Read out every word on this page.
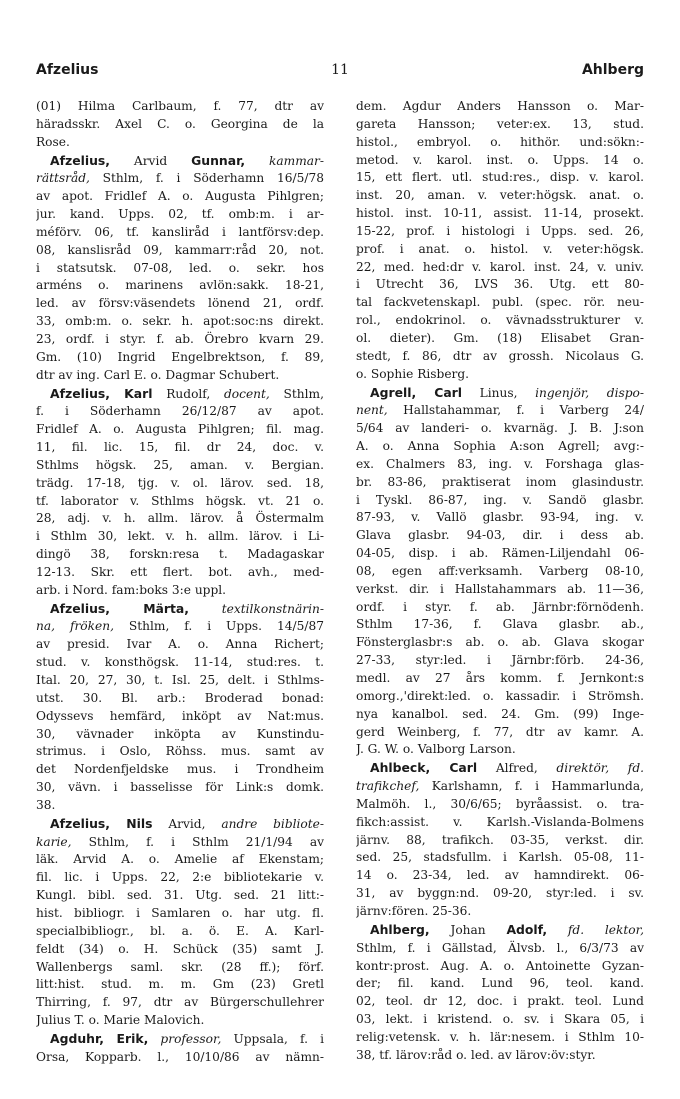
Afzelius	11	Ahlberg
(01) Hilma Carlbaum, f. 77, dtr av
häradsskr. Axel C. o. Georgina de la
Rose.
Afzelius, Arvid Gunnar, kammar-
rättsråd, Sthlm, f. i Söderhamn 16/5/78
av apot. Fridlef A. o. Augusta Pihlgren;
jur. kand. Upps. 02, tf. omb:m. i ar-
méförv. 06, tf. kansliråd i lantförsv:dep.
08, kanslisråd 09, kammarr:råd 20, not.
i statsutsk. 07-08, led. o. sekr. hos
arméns o. marinens avlön:sakk. 18-21,
led. av försv:väsendets lönend 21, ordf.
33, omb:m. o. sekr. h. apot:soc:ns direkt.
23, ordf. i styr. f. ab. Örebro kvarn 29.
Gm. (10) Ingrid Engelbrektson, f. 89,
dtr av ing. Carl E. o. Dagmar Schubert.
Afzelius, Karl Rudolf, docent, Sthlm,
f. i Söderhamn 26/12/87 av apot.
Fridlef A. o. Augusta Pihlgren; fil. mag.
11, fil. lic. 15, fil. dr 24, doc. v.
Sthlms högsk. 25, aman. v. Bergian.
trädg. 17-18, tjg. v. ol. lärov. sed. 18,
tf. laborator v. Sthlms högsk. vt. 21 o.
28, adj. v. h. allm. lärov. å Östermalm
i Sthlm 30, lekt. v. h. allm. lärov. i Li-
dingö 38, forskn:resa t. Madagaskar
12-13. Skr. ett flert. bot. avh., med-
arb. i Nord. fam:boks 3:e uppl.
Afzelius, Märta, textilkonstnärin-
na, fröken, Sthlm, f. i Upps. 14/5/87
av presid. Ivar A. o. Anna Richert;
stud. v. konsthögsk. 11-14, stud:res. t.
Ital. 20, 27, 30, t. Isl. 25, delt. i Sthlms-
utst. 30. Bl. arb.: Broderad bonad:
Odyssevs hemfärd, inköpt av Nat:mus.
30, vävnader inköpta av Kunstindu-
strimus. i Oslo, Röhss. mus. samt av
det Nordenfjeldske mus. i Trondheim
30, vävn. i basselisse för Link:s domk.
38.
Afzelius, Nils Arvid, andre bibliote-
karie, Sthlm, f. i Sthlm 21/1/94 av
läk. Arvid A. o. Amelie af Ekenstam;
fil. lic. i Upps. 22, 2:e bibliotekarie v.
Kungl. bibl. sed. 31. Utg. sed. 21 litt:-
hist. bibliogr. i Samlaren o. har utg. fl.
specialbibliogr., bl. a. ö. E. A. Karl-
feldt (34) o. H. Schück (35) samt J.
Wallenbergs saml. skr. (28 ff.); förf.
litt:hist. stud. m. m. Gm (23) Gretl
Thirring, f. 97, dtr av Bürgerschullehrer
Julius T. o. Marie Malovich.
Agduhr, Erik, professor, Uppsala, f. i
Orsa, Kopparb. l., 10/10/86 av nämn-
dem. Agdur Anders Hansson o. Mar-
gareta Hansson; veter:ex. 13, stud.
histol., embryol. o. hithör. und:sökn:-
metod. v. karol. inst. o. Upps. 14 o.
15, ett flert. utl. stud:res., disp. v. karol.
inst. 20, aman. v. veter:högsk. anat. o.
histol. inst. 10-11, assist. 11-14, prosekt.
15-22, prof. i histologi i Upps. sed. 26,
prof. i anat. o. histol. v. veter:högsk.
22, med. hed:dr v. karol. inst. 24, v. univ.
i Utrecht 36, LVS 36. Utg. ett 80-
tal fackvetenskapl. publ. (spec. rör. neu-
rol., endokrinol. o. vävnadsstrukturer v.
ol. dieter). Gm. (18) Elisabet Gran-
stedt, f. 86, dtr av grossh. Nicolaus G.
o. Sophie Risberg.
Agrell, Carl Linus, ingenjör, dispo-
nent, Hallstahammar, f. i Varberg 24/
5/64 av landeri- o. kvarnäg. J. B. J:son
A. o. Anna Sophia A:son Agrell; avg:-
ex. Chalmers 83, ing. v. Forshaga glas-
br. 83-86, praktiserat inom glasindustr.
i Tyskl. 86-87, ing. v. Sandö glasbr.
87-93, v. Vallö glasbr. 93-94, ing. v.
Glava glasbr. 94-03, dir. i dess ab.
04-05, disp. i ab. Rämen-Liljendahl 06-
08, egen aff:verksamh. Varberg 08-10,
verkst. dir. i Hallstahammars ab. 11—36,
ordf. i styr. f. ab. Järnbr:förnödenh.
Sthlm 17-36, f. Glava glasbr. ab.,
Fönsterglasbr:s ab. o. ab. Glava skogar
27-33, styr:led. i Järnbr:förb. 24-36,
medl. av 27 års komm. f. Jernkont:s
omorg.,'direkt:led. o. kassadir. i Strömsh.
nya kanalbol. sed. 24. Gm. (99) Inge-
gerd Weinberg, f. 77, dtr av kamr. A.
J. G. W. o. Valborg Larson.
Ahlbeck, Carl Alfred, direktör, fd.
trafikchef, Karlshamn, f. i Hammarlunda,
Malmöh. l., 30/6/65; byråassist. o. tra-
fikch:assist. v. Karlsh.-Vislanda-Bolmens
järnv. 88, trafikch. 03-35, verkst. dir.
sed. 25, stadsfullm. i Karlsh. 05-08, 11-
14 o. 23-34, led. av hamndirekt. 06-
31, av byggn:nd. 09-20, styr:led. i sv.
järnv:fören. 25-36.
Ahlberg, Johan Adolf, fd. lektor,
Sthlm, f. i Gällstad, Älvsb. l., 6/3/73 av
kontr:prost. Aug. A. o. Antoinette Gyzan-
der; fil. kand. Lund 96, teol. kand.
02, teol. dr 12, doc. i prakt. teol. Lund
03, lekt. i kristend. o. sv. i Skara 05, i
relig:vetensk. v. h. lär:nesem. i Sthlm 10-
38, tf. lärov:råd o. led. av lärov:öv:styr.
